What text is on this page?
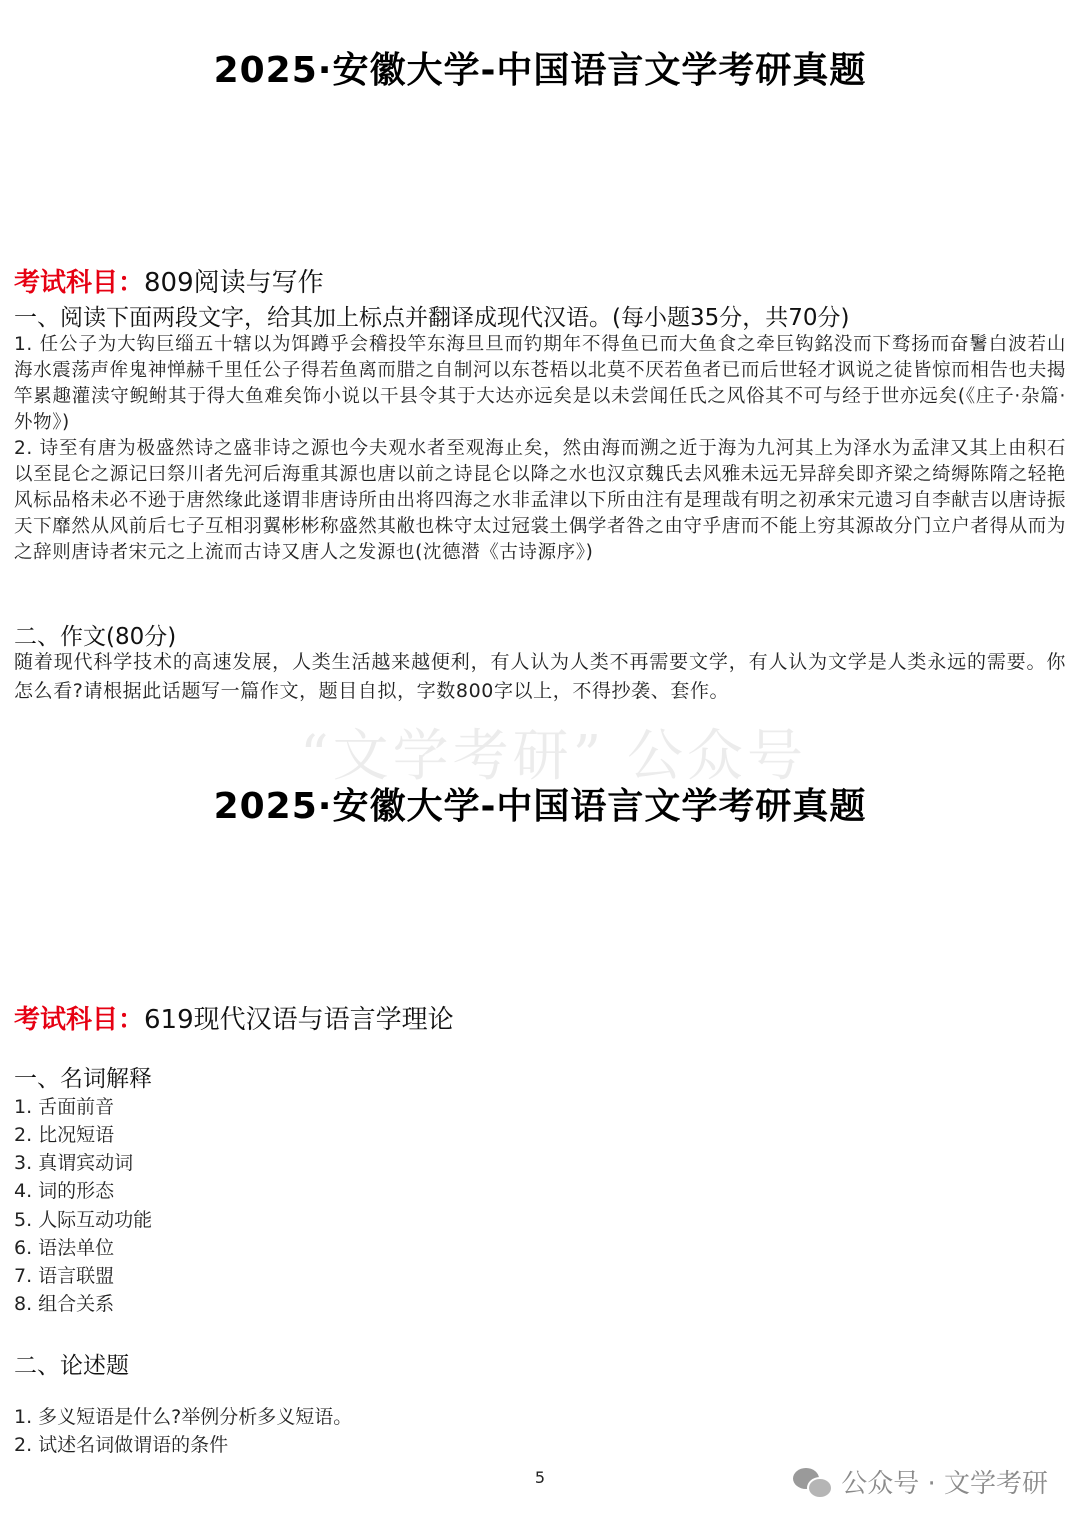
2025·安徽大学-中国语言文学考研真题
考试科目：809阅读与写作
一、阅读下面两段文字，给其加上标点并翻译成现代汉语。(每小题35分，共70分)
1. 任公子为大钩巨缁五十辖以为饵蹲乎会稽投竿东海旦旦而钓期年不得鱼已而大鱼食之牵巨钩銘没而下骛扬而奋鬐白波若山海水震荡声侔鬼神惮赫千里任公子得若鱼离而腊之自制河以东苍梧以北莫不厌若鱼者已而后世轻才讽说之徒皆惊而相告也夫揭竿累趣灌渎守鲵鲋其于得大鱼难矣饰小说以干县令其于大达亦远矣是以未尝闻任氏之风俗其不可与经于世亦远矣(《庄子·杂篇·外物》)
2. 诗至有唐为极盛然诗之盛非诗之源也今夫观水者至观海止矣，然由海而溯之近于海为九河其上为泽水为孟津又其上由积石以至昆仑之源记曰祭川者先河后海重其源也唐以前之诗昆仑以降之水也汉京魏氏去风雅未远无异辞矣即齐梁之绮缛陈隋之轻艳风标品格未必不逊于唐然缘此遂谓非唐诗所由出将四海之水非孟津以下所由注有是理哉有明之初承宋元遗习自李献吉以唐诗振天下靡然从风前后七子互相羽翼彬彬称盛然其敝也株守太过冠裳土偶学者咎之由守乎唐而不能上穷其源故分门立户者得从而为之辞则唐诗者宋元之上流而古诗又唐人之发源也(沈德潜《古诗源序》)
二、作文(80分)
随着现代科学技术的高速发展，人类生活越来越便利，有人认为人类不再需要文学，有人认为文学是人类永远的需要。你怎么看?请根据此话题写一篇作文，题目自拟，字数800字以上，不得抄袭、套作。
“文学考研” 公众号
2025·安徽大学-中国语言文学考研真题
考试科目：619现代汉语与语言学理论
一、名词解释
1. 舌面前音
2. 比况短语
3. 真谓宾动词
4. 词的形态
5. 人际互动功能
6. 语法单位
7. 语言联盟
8. 组合关系
二、论述题
1. 多义短语是什么?举例分析多义短语。
2. 试述名词做谓语的条件
5	公众号 · 文学考研
